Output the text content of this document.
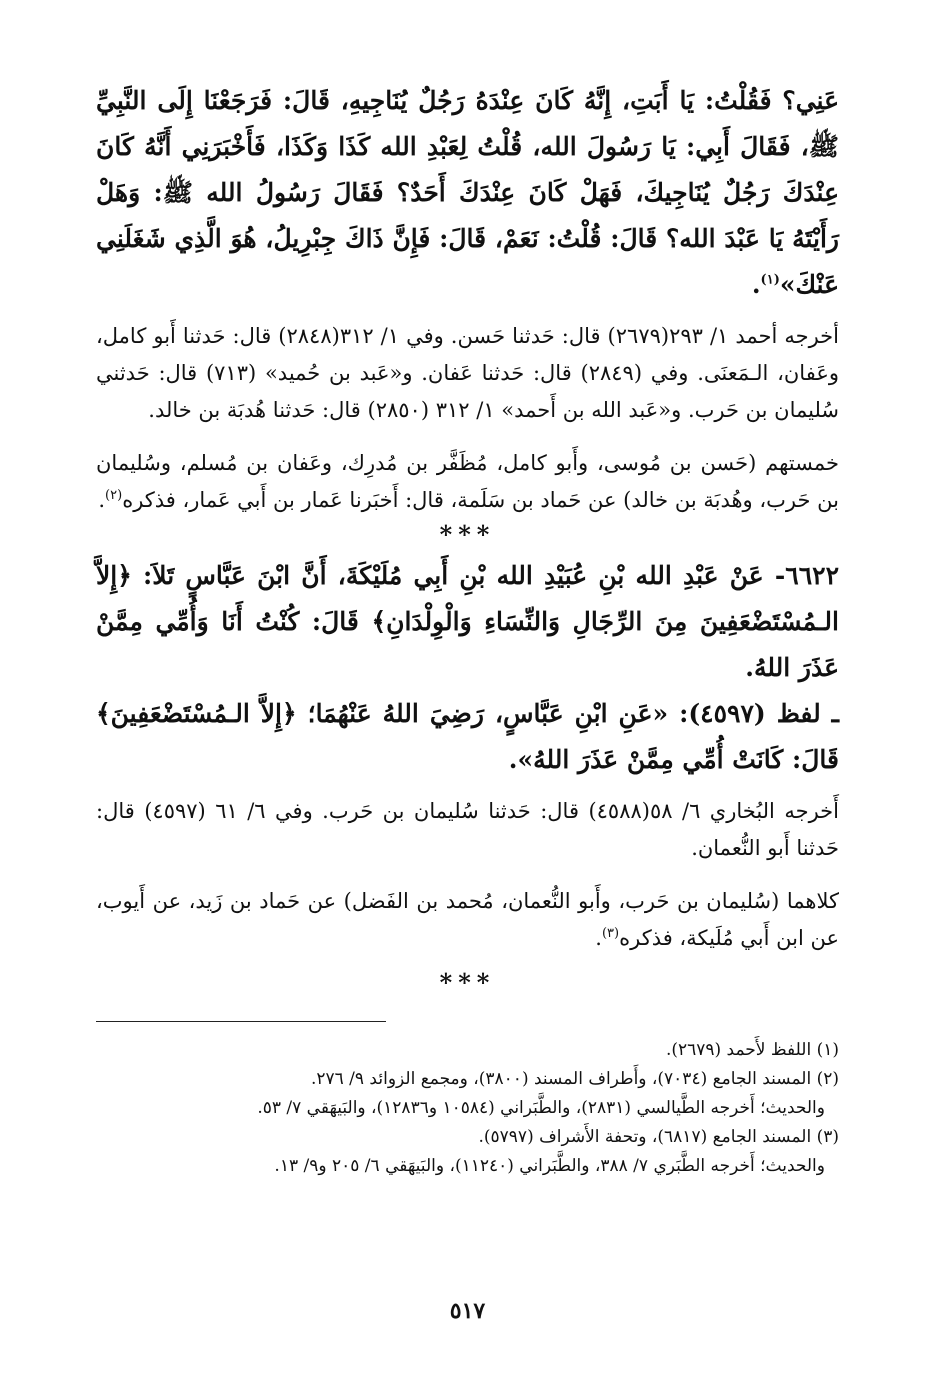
عَنِي؟ فَقُلْتُ: يَا أَبَتِ، إِنَّهُ كَانَ عِنْدَهُ رَجُلٌ يُنَاجِيهِ، قَالَ: فَرَجَعْنَا إِلَى النَّبِيِّ ﷺ، فَقَالَ أَبِي: يَا رَسُولَ الله، قُلْتُ لِعَبْدِ الله كَذَا وَكَذَا، فَأَخْبَرَنِي أَنَّهُ كَانَ عِنْدَكَ رَجُلٌ يُنَاجِيكَ، فَهَلْ كَانَ عِنْدَكَ أَحَدٌ؟ فَقَالَ رَسُولُ الله ﷺ: وَهَلْ رَأَيْتَهُ يَا عَبْدَ الله؟ قَالَ: قُلْتُ: نَعَمْ، قَالَ: فَإِنَّ ذَاكَ جِبْرِيلُ، هُوَ الَّذِي شَغَلَنِي عَنْكَ»$^{(١)}$.

أخرجه أحمد ١/ ٢٩٣(٢٦٧٩) قال: حَدثنا حَسن. وفي ١/ ٣١٢(٢٨٤٨) قال: حَدثنا أَبو كامل، وعَفان، الـمَعنَى. وفي (٢٨٤٩) قال: حَدثنا عَفان. و«عَبد بن حُميد» (٧١٣) قال: حَدثني سُليمان بن حَرب. و«عَبد الله بن أَحمد» ١/ ٣١٢ (٢٨٥٠) قال: حَدثنا هُدبَة بن خالد.

خمستهم (حَسن بن مُوسى، وأَبو كامل، مُظَفَّر بن مُدرِك، وعَفان بن مُسلم، وسُليمان بن حَرب، وهُدبَة بن خالد) عن حَماد بن سَلَمة، قال: أَخبَرنا عَمار بن أَبي عَمار، فذكره$^{(٢)}$.

***

٦٦٢٢- عَنْ عَبْدِ الله بْنِ عُبَيْدِ الله بْنِ أَبِي مُلَيْكَةَ، أَنَّ ابْنَ عَبَّاسٍ تَلاَ: ﴿إِلاَّ الـمُسْتَضْعَفِينَ مِنَ الرِّجَالِ وَالنِّسَاءِ وَالْوِلْدَانِ﴾ قَالَ: كُنْتُ أَنَا وَأُمِّي مِمَّنْ عَذَرَ اللهُ.

ـ لفظ (٤٥٩٧): «عَنِ ابْنِ عَبَّاسٍ، رَضِيَ اللهُ عَنْهُمَا؛ ﴿إِلاَّ الـمُسْتَضْعَفِينَ﴾ قَالَ: كَانَتْ أُمِّي مِمَّنْ عَذَرَ اللهُ».

أَخرجه البُخاري ٦/ ٥٨(٤٥٨٨) قال: حَدثنا سُليمان بن حَرب. وفي ٦/ ٦١ (٤٥٩٧) قال: حَدثنا أَبو النُّعمان.

كلاهما (سُليمان بن حَرب، وأَبو النُّعمان، مُحمد بن الفَضل) عن حَماد بن زَيد، عن أَيوب، عن ابن أَبي مُلَيكة، فذكره$^{(٣)}$.

***

(١) اللفظ لأَحمد (٢٦٧٩).

(٢) المسند الجامع (٧٠٣٤)، وأَطراف المسند (٣٨٠٠)، ومجمع الزوائد ٩/ ٢٧٦.

والحديث؛ أَخرجه الطَّيالسي (٢٨٣١)، والطَّبَراني (١٠٥٨٤ و١٢٨٣٦)، والبَيهَقي ٧/ ٥٣.

(٣) المسند الجامع (٦٨١٧)، وتحفة الأَشراف (٥٧٩٧).

والحديث؛ أَخرجه الطَّبَري ٧/ ٣٨٨، والطَّبَراني (١١٢٤٠)، والبَيهَقي ٦/ ٢٠٥ و٩/ ١٣.

٥١٧
